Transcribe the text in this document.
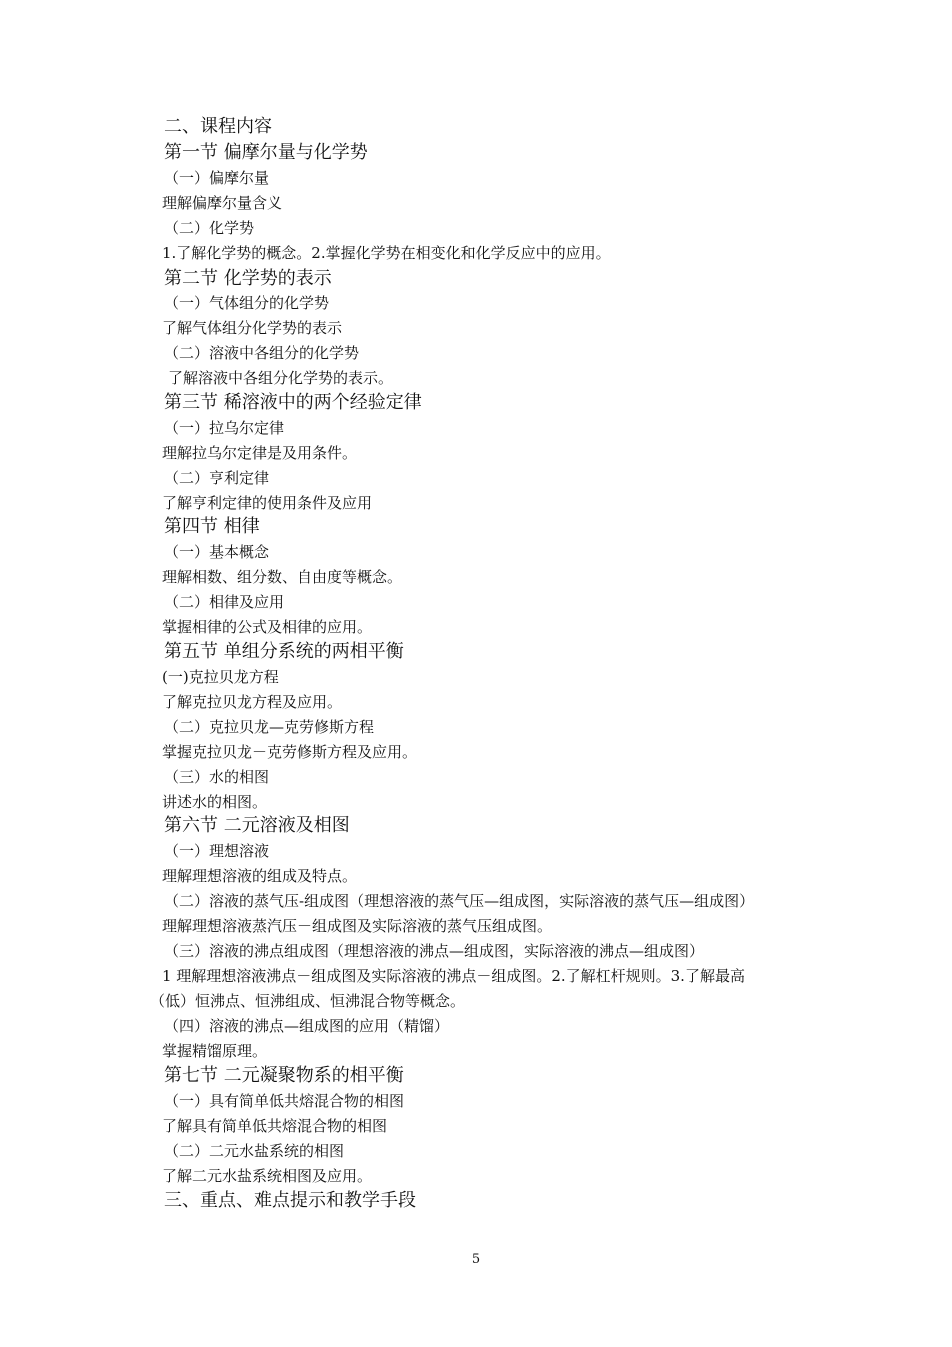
二、课程内容
第一节 偏摩尔量与化学势
（一）偏摩尔量
理解偏摩尔量含义
（二）化学势
1.了解化学势的概念。2.掌握化学势在相变化和化学反应中的应用。
第二节 化学势的表示
（一）气体组分的化学势
了解气体组分化学势的表示
（二）溶液中各组分的化学势
了解溶液中各组分化学势的表示。
第三节 稀溶液中的两个经验定律
（一）拉乌尔定律
理解拉乌尔定律是及用条件。
（二）亨利定律
了解亨利定律的使用条件及应用
第四节 相律
（一）基本概念
理解相数、组分数、自由度等概念。
（二）相律及应用
掌握相律的公式及相律的应用。
第五节 单组分系统的两相平衡
(一)克拉贝龙方程
了解克拉贝龙方程及应用。
（二）克拉贝龙—克劳修斯方程
掌握克拉贝龙－克劳修斯方程及应用。
（三）水的相图
讲述水的相图。
第六节 二元溶液及相图
（一）理想溶液
理解理想溶液的组成及特点。
（二）溶液的蒸气压-组成图（理想溶液的蒸气压—组成图，实际溶液的蒸气压—组成图）
理解理想溶液蒸汽压－组成图及实际溶液的蒸气压组成图。
（三）溶液的沸点组成图（理想溶液的沸点—组成图，实际溶液的沸点—组成图）
1 理解理想溶液沸点－组成图及实际溶液的沸点－组成图。2.了解杠杆规则。3.了解最高
（低）恒沸点、恒沸组成、恒沸混合物等概念。
（四）溶液的沸点—组成图的应用（精馏）
掌握精馏原理。
第七节 二元凝聚物系的相平衡
（一）具有简单低共熔混合物的相图
了解具有简单低共熔混合物的相图
（二）二元水盐系统的相图
了解二元水盐系统相图及应用。
三、重点、难点提示和教学手段
5
